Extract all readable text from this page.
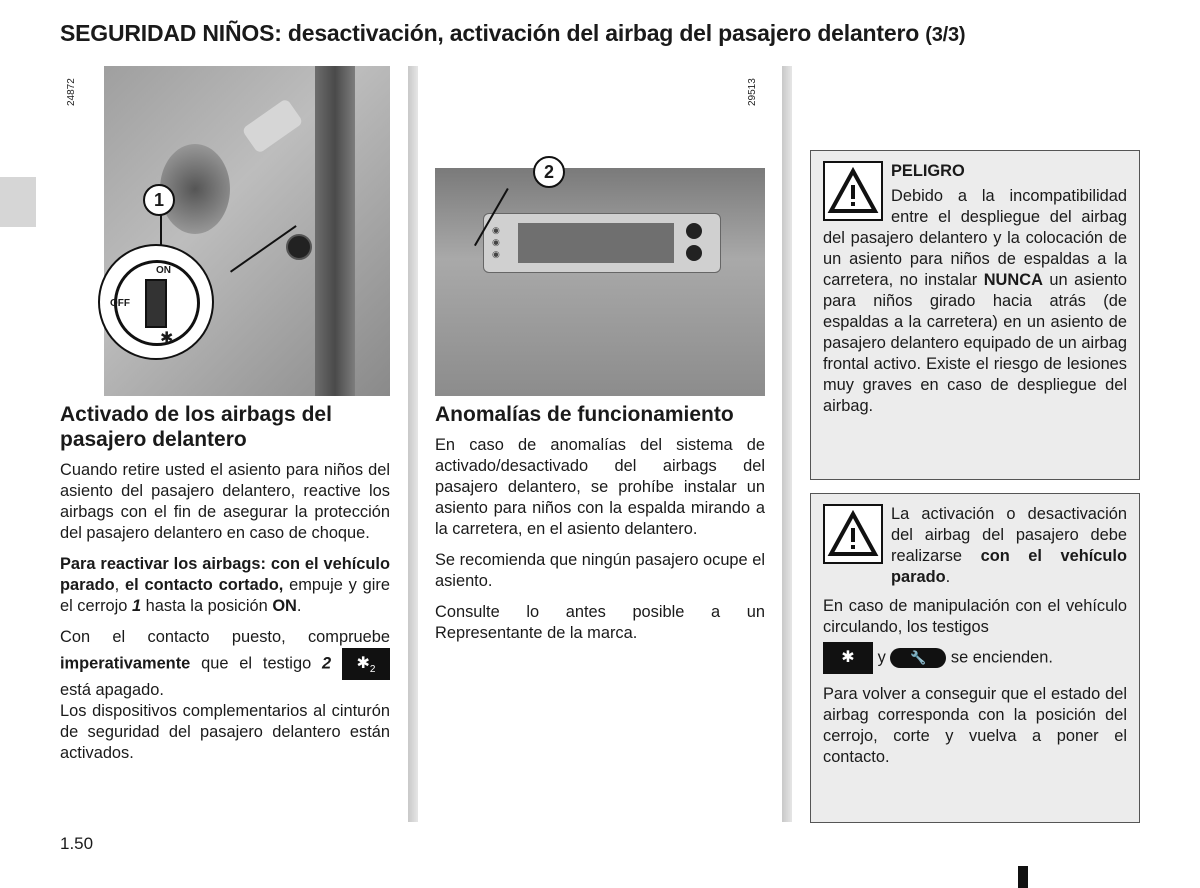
SEGURIDAD NIÑOS: desactivación, activación del airbag del pasajero delantero (3/3)
ON
OFF
✱
1
24872
◉
◉
◉
2
29513
Activado de los airbags del pasajero delantero

Cuando retire usted el asiento para niños del asiento del pasajero delantero, reactive los airbags con el fin de asegurar la protección del pasajero delantero en caso de choque.

Para reactivar los airbags: con el vehículo parado, el contacto cortado, empuje y gire el cerrojo 1 hasta la posición ON.

Con el contacto puesto, compruebe imperativamente que el testigo 2 $✱_2$ está apagado.
Los dispositivos complementarios al cinturón de seguridad del pasajero delantero están activados.

Anomalías de funcionamiento

En caso de anomalías del sistema de activado/desactivado del airbags del pasajero delantero, se prohíbe instalar un asiento para niños con la espalda mirando a la carretera, en el asiento delantero.

Se recomienda que ningún pasajero ocupe el asiento.

Consulte lo antes posible a un Representante de la marca.

PELIGRO

Debido a la incompatibilidad entre el despliegue del airbag del pasajero delantero y la colocación de un asiento para niños de espaldas a la carretera, no instalar NUNCA un asiento para niños girado hacia atrás (de espaldas a la carretera) en un asiento de pasajero delantero equipado de un airbag frontal activo. Existe el riesgo de lesiones muy graves en caso de despliegue del airbag.

La activación o desactivación del airbag del pasajero debe realizarse con el vehículo parado.

En caso de manipulación con el vehículo circulando, los testigos

✱ y 🔧 se encienden.

Para volver a conseguir que el estado del airbag corresponda con la posición del cerrojo, corte y vuelva a poner el contacto.

1.50
